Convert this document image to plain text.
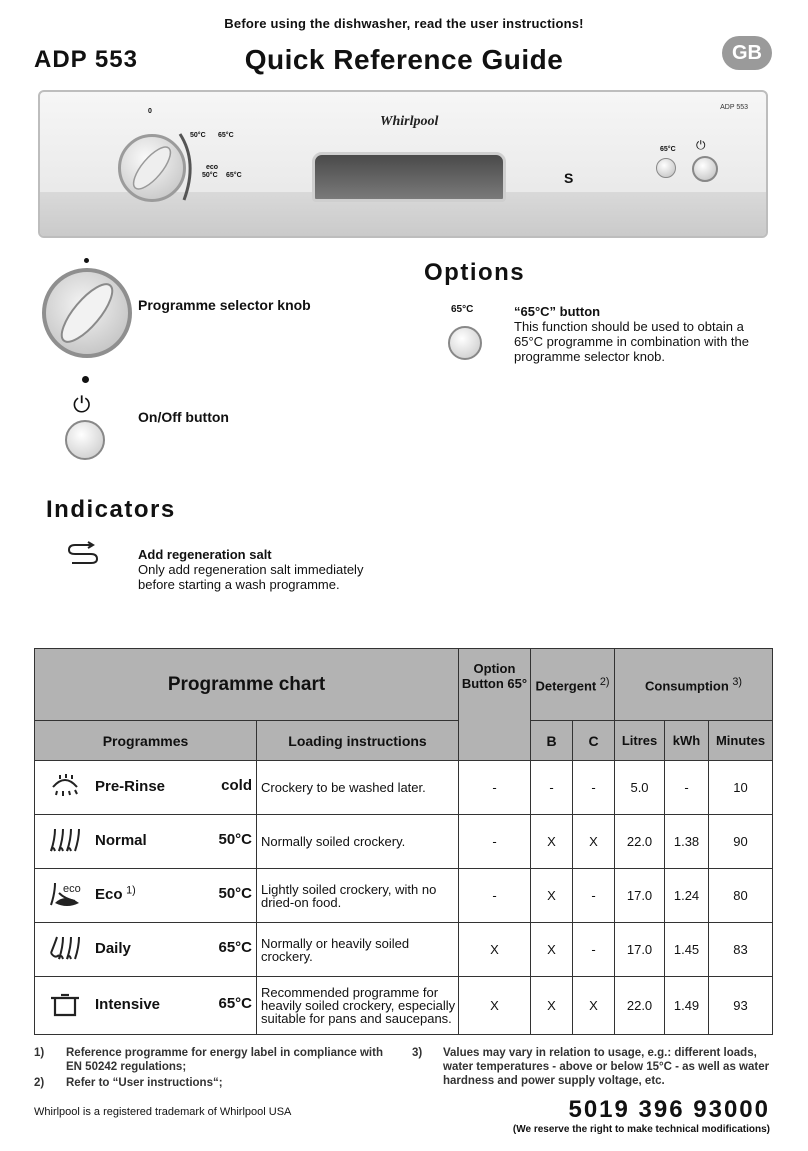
Before using the dishwasher, read the user instructions!
ADP 553	Quick Reference Guide	GB
ADP 553
Whirlpool
0
50°C 65°C
eco
50°C 65°C	S
65°C ⏻
Programme selector knob
⏻	On/Off button
Options
65°C	“65°C” button
This function should be used to obtain a 65°C programme in combination with the programme selector knob.
Indicators
Add regeneration salt
Only add regeneration salt immediately before starting a wash programme.
Programme chart		Option Button 65°	Detergent $^{2)}$		Consumption $^{3)}$
Programmes	Loading instructions		B	C	Litres	kWh	Minutes
Pre-Rinse cold	Crockery to be washed later.	-	-	-	5.0	-	10
Normal 50°C	Normally soiled crockery.	-	X	X	22.0	1.38	90

eco Eco $^{1)}$ 50°C	Lightly soiled crockery, with no dried-on food.	-	X	-	17.0	1.24	80
Daily 65°C	Normally or heavily soiled crockery.	X	X	-	17.0	1.45	83
Intensive 65°C	Recommended programme for heavily soiled crockery, especially suitable for pans and saucepans.	X	X	X	22.0	1.49	93
1) Reference programme for energy label in compliance with EN 50242 regulations;
2) Refer to “User instructions“;
3) Values may vary in relation to usage, e.g.: different loads, water temperatures - above or below 15°C - as well as water hardness and power supply voltage, etc.
Whirlpool is a registered trademark of Whirlpool USA	5019 396 93000
(We reserve the right to make technical modifications)
